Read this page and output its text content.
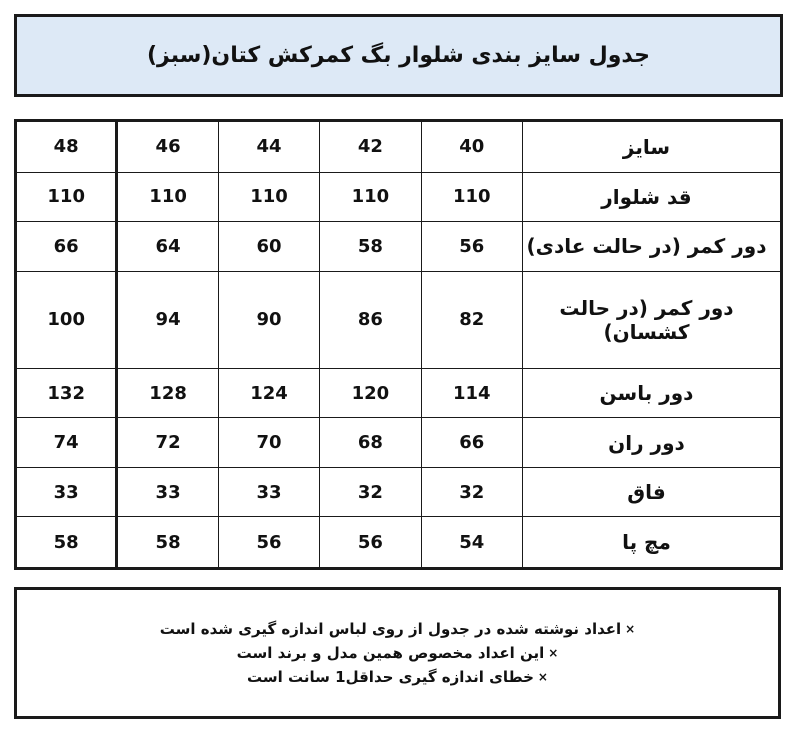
جدول سایز بندی شلوار بگ کمرکش کتان(سبز)
48	46	44	42	40	سایز
110	110	110	110	110	قد شلوار
66	64	60	58	56	دور کمر (در حالت عادی)
100	94	90	86	82	دور کمر (در حالت کشسان)
132	128	124	120	114	دور باسن
74	72	70	68	66	دور ران
33	33	33	32	32	فاق
58	58	56	56	54	مچ پا
×
اعداد نوشته شده در جدول از روی لباس اندازه گیری شده است
×
این اعداد مخصوص همین مدل و برند است
×
خطای اندازه گیری حداقل1 سانت است
